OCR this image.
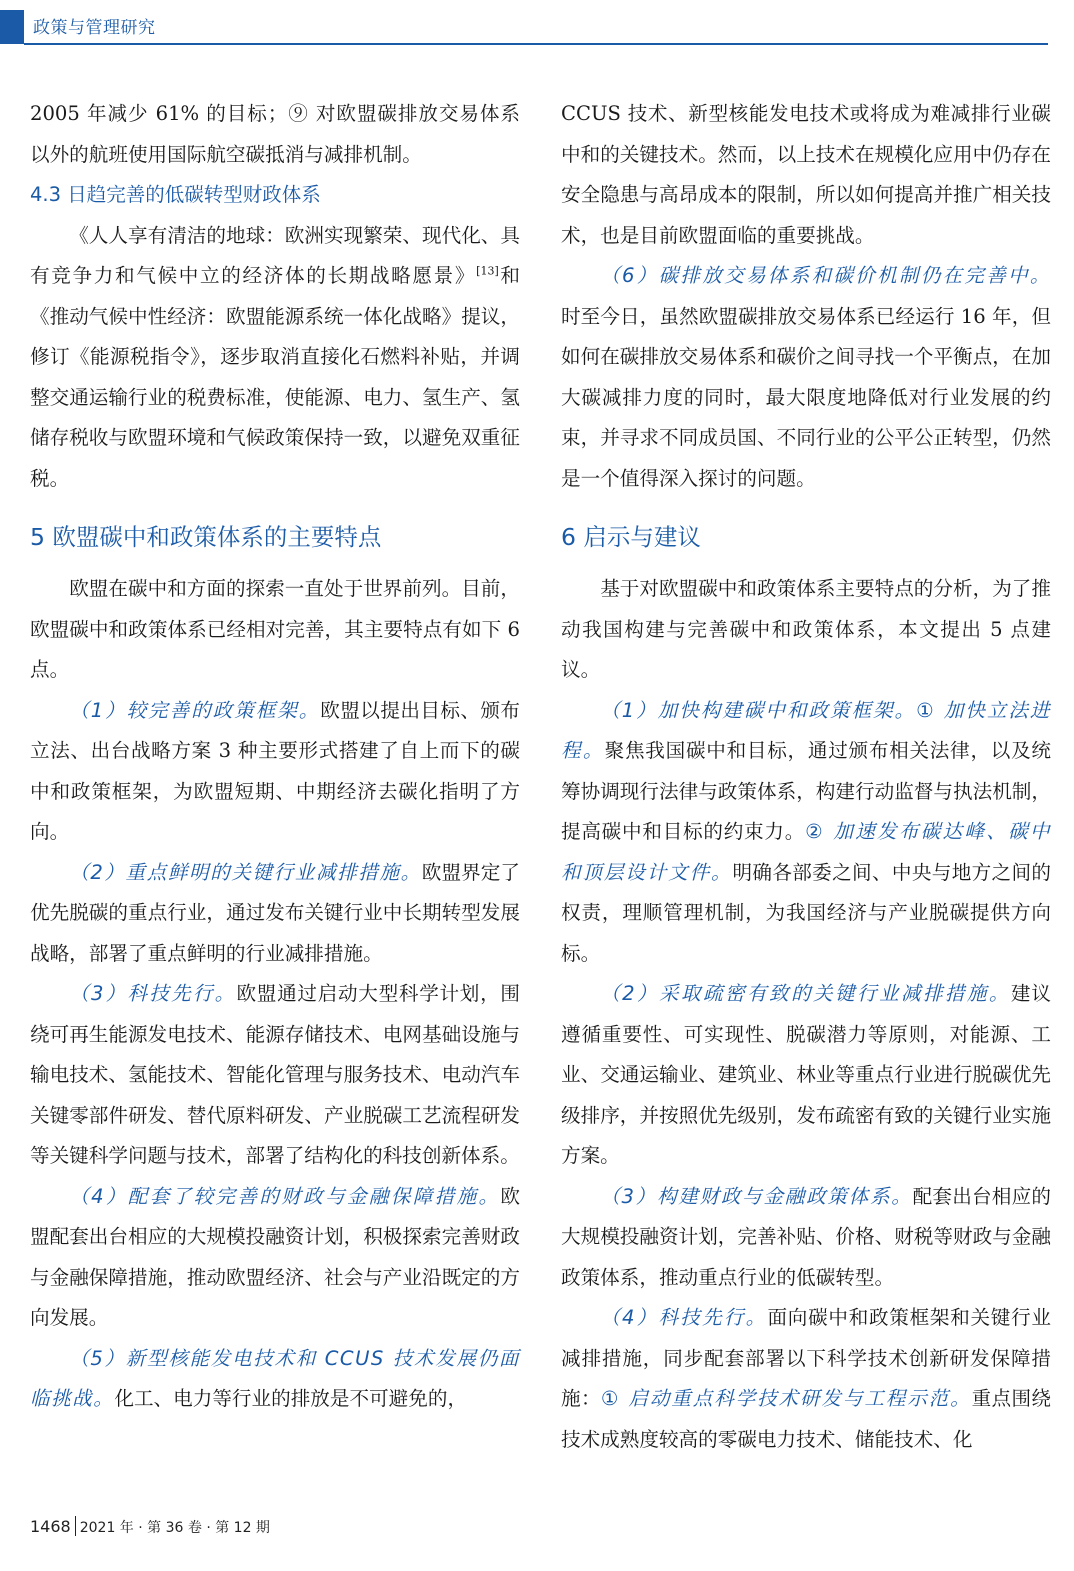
政策与管理研究

2005 年减少 61% 的目标；⑨ 对欧盟碳排放交易体系以外的航班使用国际航空碳抵消与减排机制。

4.3 日趋完善的低碳转型财政体系

《人人享有清洁的地球：欧洲实现繁荣、现代化、具有竞争力和气候中立的经济体的长期战略愿景》[13]和《推动气候中性经济：欧盟能源系统一体化战略》提议，修订《能源税指令》，逐步取消直接化石燃料补贴，并调整交通运输行业的税费标准，使能源、电力、氢生产、氢储存税收与欧盟环境和气候政策保持一致，以避免双重征税。

5 欧盟碳中和政策体系的主要特点

欧盟在碳中和方面的探索一直处于世界前列。目前，欧盟碳中和政策体系已经相对完善，其主要特点有如下 6 点。

（1）较完善的政策框架。欧盟以提出目标、颁布立法、出台战略方案 3 种主要形式搭建了自上而下的碳中和政策框架，为欧盟短期、中期经济去碳化指明了方向。

（2）重点鲜明的关键行业减排措施。欧盟界定了优先脱碳的重点行业，通过发布关键行业中长期转型发展战略，部署了重点鲜明的行业减排措施。

（3）科技先行。欧盟通过启动大型科学计划，围绕可再生能源发电技术、能源存储技术、电网基础设施与输电技术、氢能技术、智能化管理与服务技术、电动汽车关键零部件研发、替代原料研发、产业脱碳工艺流程研发等关键科学问题与技术，部署了结构化的科技创新体系。

（4）配套了较完善的财政与金融保障措施。欧盟配套出台相应的大规模投融资计划，积极探索完善财政与金融保障措施，推动欧盟经济、社会与产业沿既定的方向发展。

（5）新型核能发电技术和 CCUS 技术发展仍面临挑战。化工、电力等行业的排放是不可避免的，

CCUS 技术、新型核能发电技术或将成为难减排行业碳中和的关键技术。然而，以上技术在规模化应用中仍存在安全隐患与高昂成本的限制，所以如何提高并推广相关技术，也是目前欧盟面临的重要挑战。

（6）碳排放交易体系和碳价机制仍在完善中。时至今日，虽然欧盟碳排放交易体系已经运行 16 年，但如何在碳排放交易体系和碳价之间寻找一个平衡点，在加大碳减排力度的同时，最大限度地降低对行业发展的约束，并寻求不同成员国、不同行业的公平公正转型，仍然是一个值得深入探讨的问题。

6 启示与建议

基于对欧盟碳中和政策体系主要特点的分析，为了推动我国构建与完善碳中和政策体系，本文提出 5 点建议。

（1）加快构建碳中和政策框架。① 加快立法进程。聚焦我国碳中和目标，通过颁布相关法律，以及统筹协调现行法律与政策体系，构建行动监督与执法机制，提高碳中和目标的约束力。② 加速发布碳达峰、碳中和顶层设计文件。明确各部委之间、中央与地方之间的权责，理顺管理机制，为我国经济与产业脱碳提供方向标。

（2）采取疏密有致的关键行业减排措施。建议遵循重要性、可实现性、脱碳潜力等原则，对能源、工业、交通运输业、建筑业、林业等重点行业进行脱碳优先级排序，并按照优先级别，发布疏密有致的关键行业实施方案。

（3）构建财政与金融政策体系。配套出台相应的大规模投融资计划，完善补贴、价格、财税等财政与金融政策体系，推动重点行业的低碳转型。

（4）科技先行。面向碳中和政策框架和关键行业减排措施，同步配套部署以下科学技术创新研发保障措施：① 启动重点科学技术研发与工程示范。重点围绕技术成熟度较高的零碳电力技术、储能技术、化

1468 2021 年 · 第 36 卷 · 第 12 期
